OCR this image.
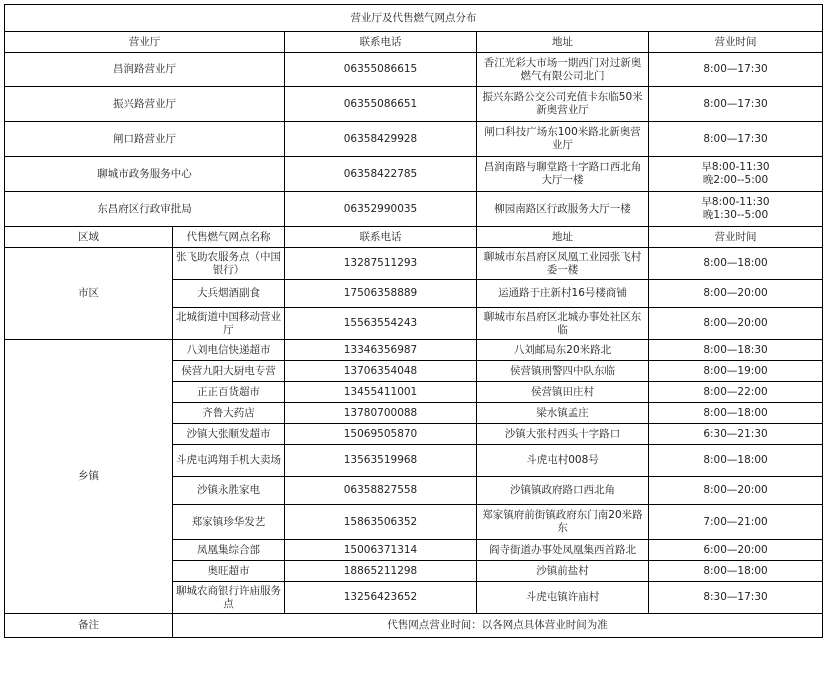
营业厅及代售燃气网点分布				
营业厅		联系电话	地址	营业时间
昌润路营业厅		06355086615	香江光彩大市场一期西门对过新奥燃气有限公司北门	8:00—17:30
振兴路营业厅		06355086651	振兴东路公交公司充值卡东临50米新奥营业厅	8:00—17:30
闸口路营业厅		06358429928	闸口科技广场东100米路北新奥营业厅	8:00—17:30
聊城市政务服务中心		06358422785	昌润南路与聊堂路十字路口西北角大厅一楼	早8:00-11:30
晚2:00--5:00

东昌府区行政审批局		06352990035	柳园南路区行政服务大厅一楼	早8:00-11:30
晚1:30--5:00

区域	代售燃气网点名称	联系电话	地址	营业时间
市区	张飞助农服务点（中国银行）	13287511293	聊城市东昌府区凤凰工业园张飞村委一楼	8:00—18:00
	大兵烟酒副食	17506358889	运通路于庄新村16号楼商铺	8:00—20:00
	北城街道中国移动营业厅	15563554243	聊城市东昌府区北城办事处社区东临	8:00—20:00
乡镇	八刘电信快递超市	13346356987	八刘邮局东20米路北	8:00—18:30
	侯营九阳大厨电专营	13706354048	侯营镇刑警四中队东临	8:00—19:00
	正正百货超市	13455411001	侯营镇田庄村	8:00—22:00
	齐鲁大药店	13780700088	梁水镇孟庄	8:00—18:00
	沙镇大张顺发超市	15069505870	沙镇大张村西头十字路口	6:30—21:30
	斗虎屯鸿翔手机大卖场	13563519968	斗虎屯村008号	8:00—18:00
	沙镇永胜家电	06358827558	沙镇镇政府路口西北角	8:00—20:00
	郑家镇珍华发艺	15863506352	郑家镇府前街镇政府东门南20米路东	7:00—21:00
	凤凰集综合部	15006371314	阎寺街道办事处凤凰集西首路北	6:00—20:00
	奥旺超市	18865211298	沙镇前盐村	8:00—18:00
	聊城农商银行许庙服务点	13256423652	斗虎屯镇许庙村	8:30—17:30
备注	代售网点营业时间：以各网点具体营业时间为准			
